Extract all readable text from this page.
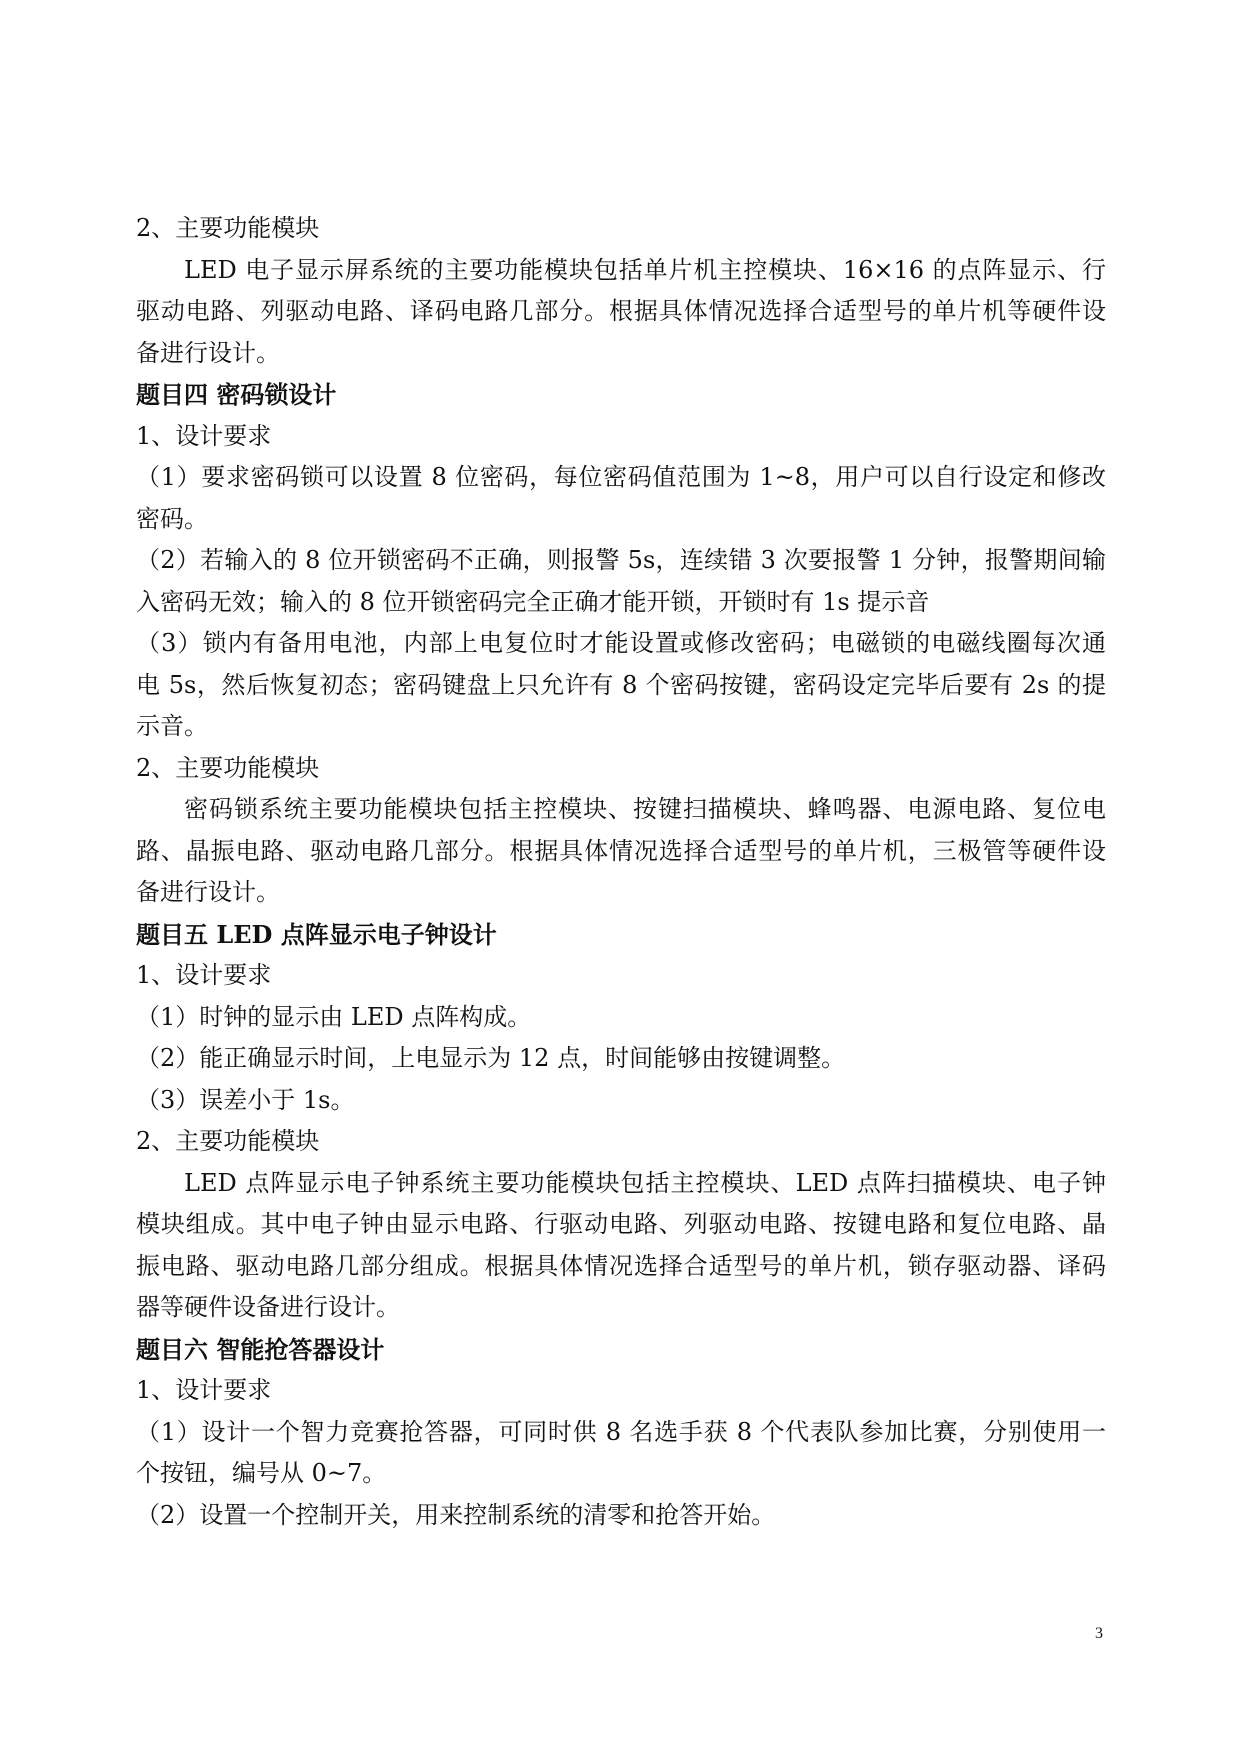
2、主要功能模块
LED 电子显示屏系统的主要功能模块包括单片机主控模块、16×16 的点阵显示、行
驱动电路、列驱动电路、译码电路几部分。根据具体情况选择合适型号的单片机等硬件设
备进行设计。
题目四 密码锁设计
1、设计要求
（1）要求密码锁可以设置 8 位密码，每位密码值范围为 1~8，用户可以自行设定和修改
密码。
（2）若输入的 8 位开锁密码不正确，则报警 5s，连续错 3 次要报警 1 分钟，报警期间输
入密码无效；输入的 8 位开锁密码完全正确才能开锁，开锁时有 1s 提示音
（3）锁内有备用电池，内部上电复位时才能设置或修改密码；电磁锁的电磁线圈每次通
电 5s，然后恢复初态；密码键盘上只允许有 8 个密码按键，密码设定完毕后要有 2s 的提
示音。
2、主要功能模块
密码锁系统主要功能模块包括主控模块、按键扫描模块、蜂鸣器、电源电路、复位电
路、晶振电路、驱动电路几部分。根据具体情况选择合适型号的单片机，三极管等硬件设
备进行设计。
题目五 LED 点阵显示电子钟设计
1、设计要求
（1）时钟的显示由 LED 点阵构成。
（2）能正确显示时间，上电显示为 12 点，时间能够由按键调整。
（3）误差小于 1s。
2、主要功能模块
LED 点阵显示电子钟系统主要功能模块包括主控模块、LED 点阵扫描模块、电子钟
模块组成。其中电子钟由显示电路、行驱动电路、列驱动电路、按键电路和复位电路、晶
振电路、驱动电路几部分组成。根据具体情况选择合适型号的单片机，锁存驱动器、译码
器等硬件设备进行设计。
题目六 智能抢答器设计
1、设计要求
（1）设计一个智力竞赛抢答器，可同时供 8 名选手获 8 个代表队参加比赛，分别使用一
个按钮，编号从 0~7。
（2）设置一个控制开关，用来控制系统的清零和抢答开始。
3
